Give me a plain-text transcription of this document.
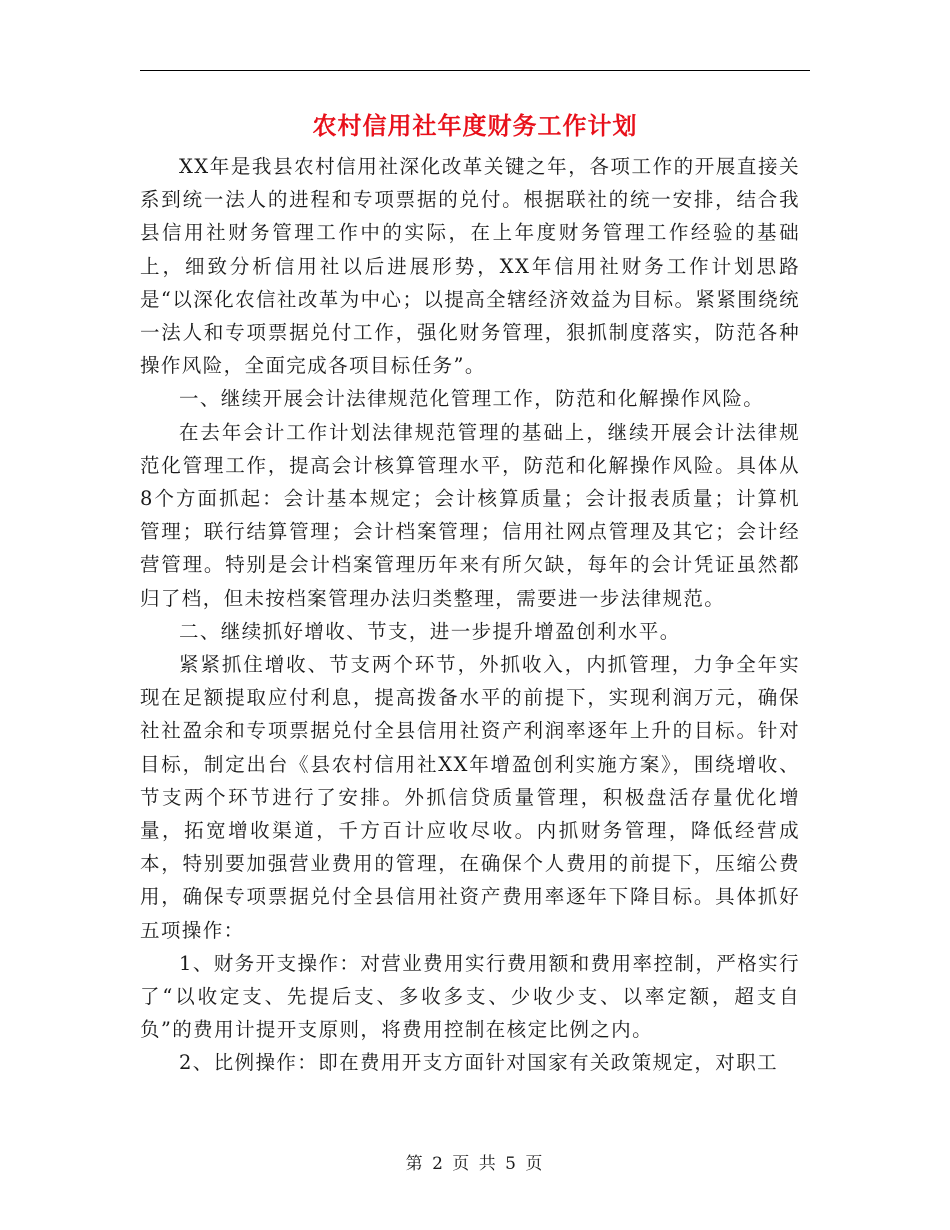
农村信用社年度财务工作计划

XX年是我县农村信用社深化改革关键之年，各项工作的开展直接关系到统一法人的进程和专项票据的兑付。根据联社的统一安排，结合我县信用社财务管理工作中的实际，在上年度财务管理工作经验的基础上，细致分析信用社以后进展形势，XX年信用社财务工作计划思路是“以深化农信社改革为中心；以提高全辖经济效益为目标。紧紧围绕统一法人和专项票据兑付工作，强化财务管理，狠抓制度落实，防范各种操作风险，全面完成各项目标任务”。

一、继续开展会计法律规范化管理工作，防范和化解操作风险。

在去年会计工作计划法律规范管理的基础上，继续开展会计法律规范化管理工作，提高会计核算管理水平，防范和化解操作风险。具体从8个方面抓起：会计基本规定；会计核算质量；会计报表质量；计算机管理；联行结算管理；会计档案管理；信用社网点管理及其它；会计经营管理。特别是会计档案管理历年来有所欠缺，每年的会计凭证虽然都归了档，但未按档案管理办法归类整理，需要进一步法律规范。

二、继续抓好增收、节支，进一步提升增盈创利水平。

紧紧抓住增收、节支两个环节，外抓收入，内抓管理，力争全年实现在足额提取应付利息，提高拨备水平的前提下，实现利润万元，确保社社盈余和专项票据兑付全县信用社资产利润率逐年上升的目标。针对目标，制定出台《县农村信用社XX年增盈创利实施方案》，围绕增收、节支两个环节进行了安排。外抓信贷质量管理，积极盘活存量优化增量，拓宽增收渠道，千方百计应收尽收。内抓财务管理，降低经营成本，特别要加强营业费用的管理，在确保个人费用的前提下，压缩公费用，确保专项票据兑付全县信用社资产费用率逐年下降目标。具体抓好五项操作：

1、财务开支操作：对营业费用实行费用额和费用率控制，严格实行了“以收定支、先提后支、多收多支、少收少支、以率定额，超支自负”的费用计提开支原则，将费用控制在核定比例之内。

2、比例操作：即在费用开支方面针对国家有关政策规定，对职工

第 2 页 共 5 页
